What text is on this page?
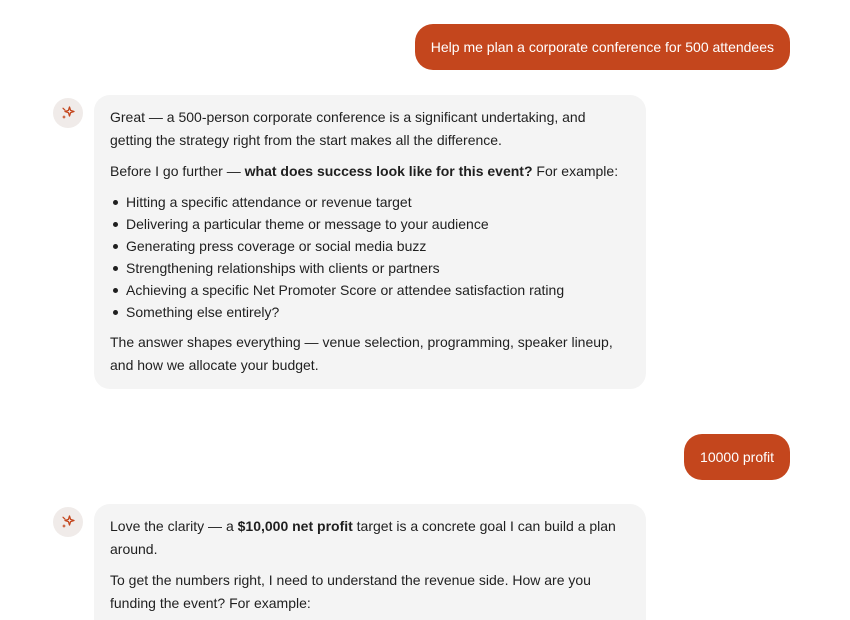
Help me plan a corporate conference for 500 attendees

Great — a 500-person corporate conference is a significant undertaking, and getting the strategy right from the start makes all the difference.

Before I go further — what does success look like for this event? For example:

Hitting a specific attendance or revenue target
Delivering a particular theme or message to your audience
Generating press coverage or social media buzz
Strengthening relationships with clients or partners
Achieving a specific Net Promoter Score or attendee satisfaction rating
Something else entirely?

The answer shapes everything — venue selection, programming, speaker lineup, and how we allocate your budget.

10000 profit

Love the clarity — a $10,000 net profit target is a concrete goal I can build a plan around.

To get the numbers right, I need to understand the revenue side. How are you funding the event? For example:
